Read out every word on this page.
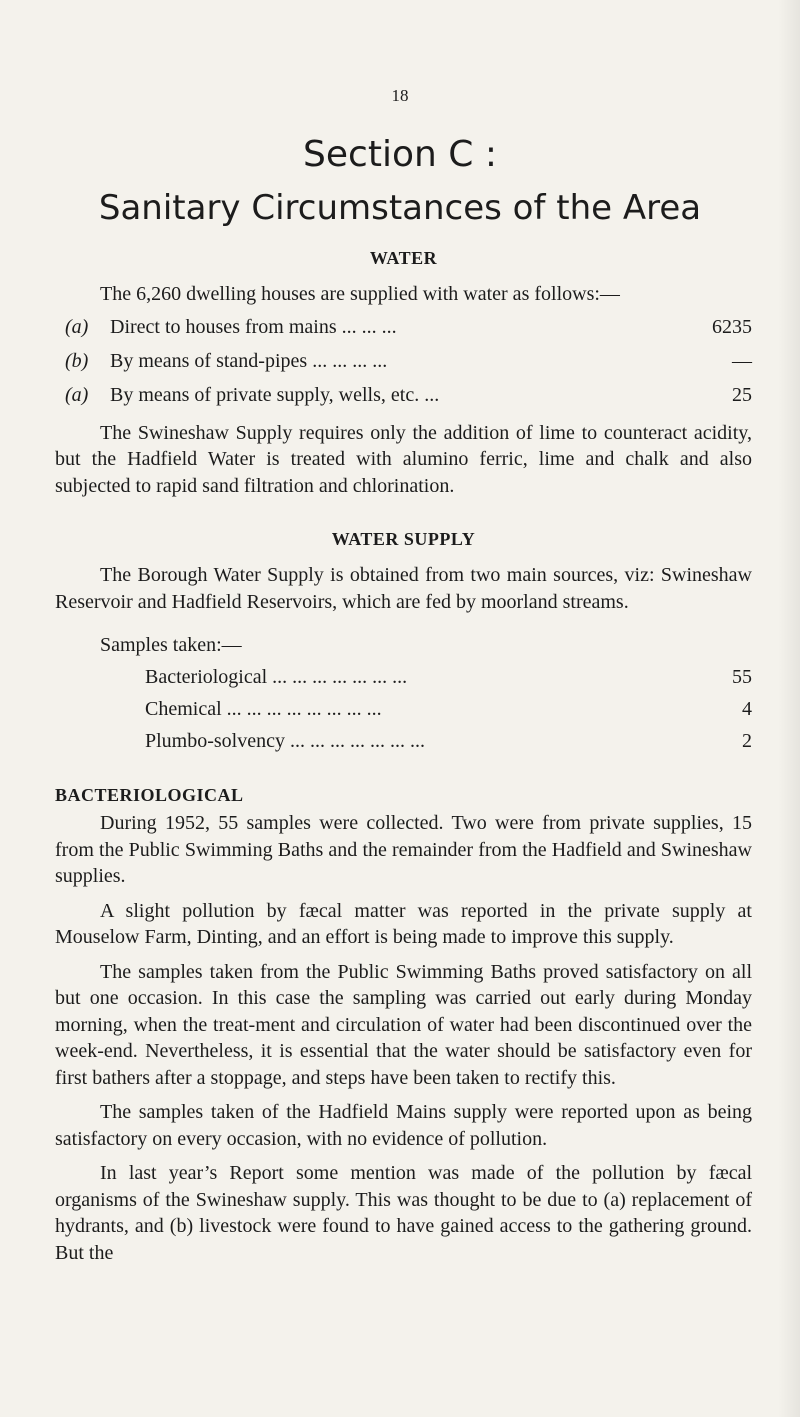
18
Section C :
Sanitary Circumstances of the Area
WATER

The 6,260 dwelling houses are supplied with water as follows:—

(a)	Direct to houses from mains ... ... ...	6235
(b)	By means of stand-pipes ... ... ... ...	—
(a)	By means of private supply, wells, etc. ...	25

The Swineshaw Supply requires only the addition of lime to counteract acidity, but the Hadfield Water is treated with alumino ferric, lime and chalk and also subjected to rapid sand filtration and chlorination.

WATER SUPPLY

The Borough Water Supply is obtained from two main sources, viz: Swineshaw Reservoir and Hadfield Reservoirs, which are fed by moorland streams.

Samples taken:—
Bacteriological ... ... ... ... ... ... ...	55
Chemical ... ... ... ... ... ... ... ...	4
Plumbo-solvency ... ... ... ... ... ... ...	2
BACTERIOLOGICAL

During 1952, 55 samples were collected. Two were from private supplies, 15 from the Public Swimming Baths and the remainder from the Hadfield and Swineshaw supplies.

A slight pollution by fæcal matter was reported in the private supply at Mouselow Farm, Dinting, and an effort is being made to improve this supply.

The samples taken from the Public Swimming Baths proved satisfactory on all but one occasion. In this case the sampling was carried out early during Monday morning, when the treat-ment and circulation of water had been discontinued over the week-end. Nevertheless, it is essential that the water should be satisfactory even for first bathers after a stoppage, and steps have been taken to rectify this.

The samples taken of the Hadfield Mains supply were reported upon as being satisfactory on every occasion, with no evidence of pollution.

In last year’s Report some mention was made of the pollution by fæcal organisms of the Swineshaw supply. This was thought to be due to (a) replacement of hydrants, and (b) livestock were found to have gained access to the gathering ground. But the
